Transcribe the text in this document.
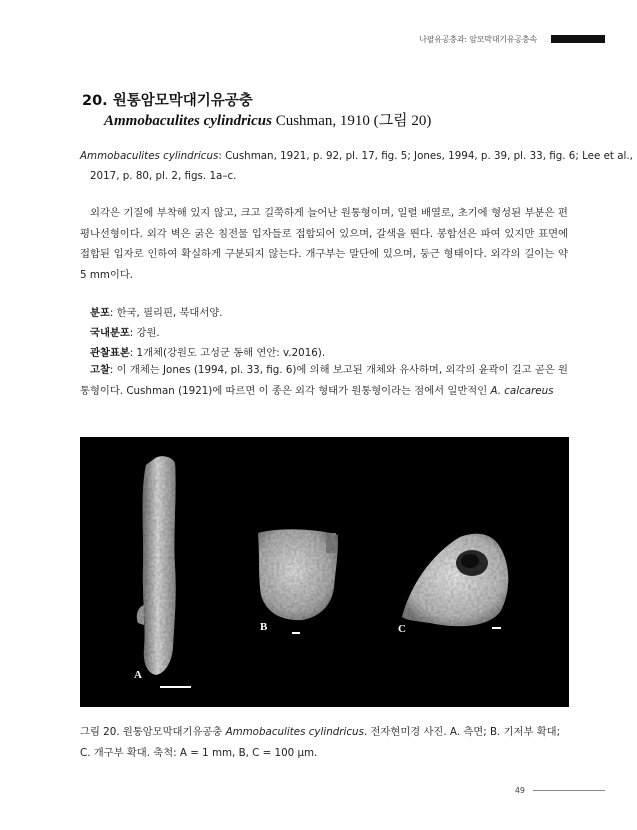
나팔유공충과: 암모막대기유공충속
20. 원통암모막대기유공충
Ammobaculites cylindricus Cushman, 1910 (그림 20)
Ammobaculites cylindricus: Cushman, 1921, p. 92, pl. 17, fig. 5; Jones, 1994, p. 39, pl. 33, fig. 6; Lee et al.,
2017, p. 80, pl. 2, figs. 1a–c.
외각은 기질에 부착해 있지 않고, 크고 길쭉하게 늘어난 원통형이며, 일렬 배열로, 초기에 형성된 부분은 편평나선형이다. 외각 벽은 굵은 침전물 입자들로 접합되어 있으며, 갈색을 띈다. 봉합선은 파여 있지만 표면에 접합된 입자로 인하여 확실하게 구분되지 않는다. 개구부는 말단에 있으며, 둥근 형태이다. 외각의 길이는 약 5 mm이다.
분포: 한국, 필리핀, 북대서양.
국내분포: 강원.
관찰표본: 1개체(강원도 고성군 동해 연안: v.2016).
고찰: 이 개체는 Jones (1994, pl. 33, fig. 6)에 의해 보고된 개체와 유사하며, 외각의 윤곽이 길고 곧은 원통형이다. Cushman (1921)에 따르면 이 종은 외각 형태가 원통형이라는 점에서 일반적인 A. calcareus
A
B	C
그림 20. 원통암모막대기유공충 Ammobaculites cylindricus. 전자현미경 사진. A. 측면; B. 기저부 확대; C. 개구부 확대. 축척: A = 1 mm, B, C = 100 μm.
49
